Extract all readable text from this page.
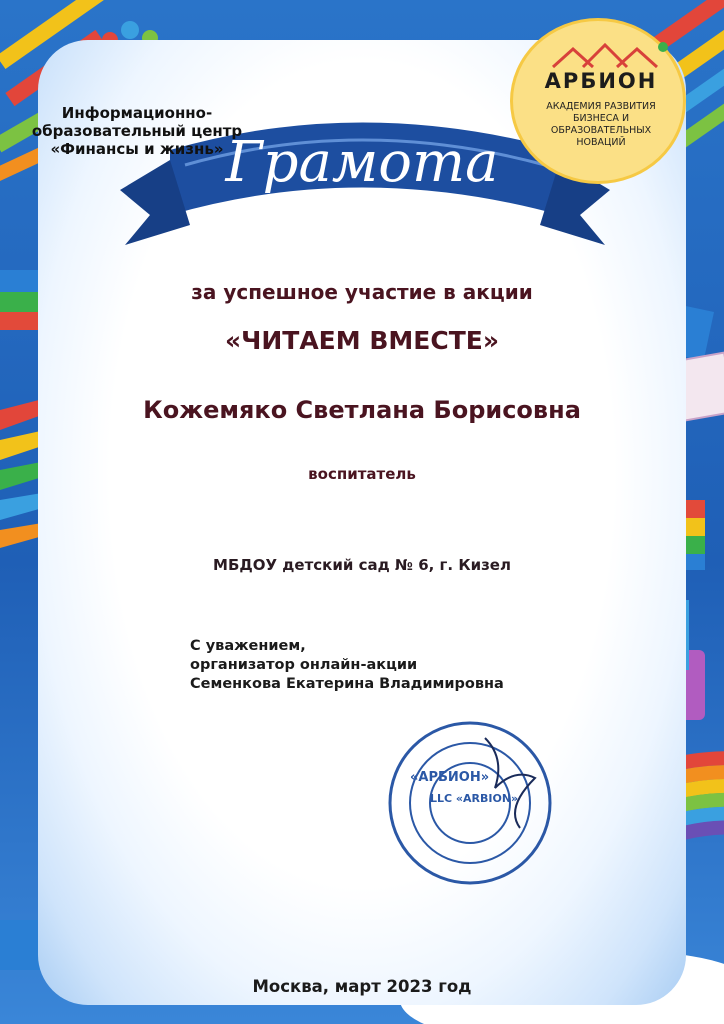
Информационно-образовательный центр «Финансы и жизнь»

АРБИОН
АКАДЕМИЯ РАЗВИТИЯ БИЗНЕСА И ОБРАЗОВАТЕЛЬНЫХ НОВАЦИЙ

Грамота

за успешное участие в акции

«ЧИТАЕМ ВМЕСТЕ»

Кожемяко Светлана Борисовна

воспитатель

МБДОУ детский сад № 6, г. Кизел

С уважением,
организатор онлайн-акции
Семенкова Екатерина Владимировна
«АРБИОН»
LLC «ARBION»

Москва, март 2023 год
